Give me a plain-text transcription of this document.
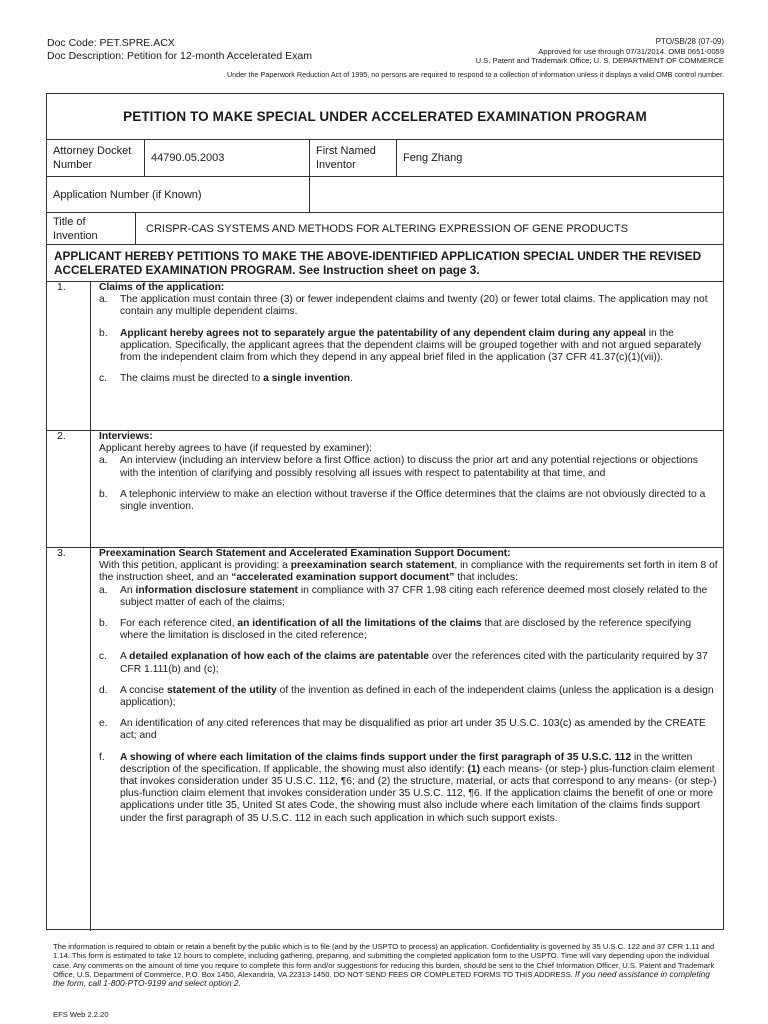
Doc Code: PET.SPRE.ACX
Doc Description: Petition for 12-month Accelerated Exam
PTO/SB/28 (07-09)
Approved for use through 07/31/2014. OMB 0651-0059
U.S. Patent and Trademark Office; U. S. DEPARTMENT OF COMMERCE
Under the Paperwork Reduction Act of 1995, no persons are required to respond to a collection of information unless it displays a valid OMB control number.
PETITION TO MAKE SPECIAL UNDER ACCELERATED EXAMINATION PROGRAM
Attorney Docket Number
44790.05.2003
First Named Inventor
Feng Zhang
Application Number (if Known)
Title of Invention
CRISPR-CAS SYSTEMS AND METHODS FOR ALTERING EXPRESSION OF GENE PRODUCTS
APPLICANT HEREBY PETITIONS TO MAKE THE ABOVE-IDENTIFIED APPLICATION SPECIAL UNDER THE REVISED ACCELERATED EXAMINATION PROGRAM. See Instruction sheet on page 3.
1.	Claims of the application:
a.	The application must contain three (3) or fewer independent claims and twenty (20) or fewer total claims. The application may not contain any multiple dependent claims.
b.	Applicant hereby agrees not to separately argue the patentability of any dependent claim during any appeal in the application. Specifically, the applicant agrees that the dependent claims will be grouped together with and not argued separately from the independent claim from which they depend in any appeal brief filed in the application (37 CFR 41.37(c)(1)(vii)).
c.	The claims must be directed to a single invention.
2.	Interviews:
Applicant hereby agrees to have (if requested by examiner):
a.	An interview (including an interview before a first Office action) to discuss the prior art and any potential rejections or objections with the intention of clarifying and possibly resolving all issues with respect to patentability at that time, and
b.	A telephonic interview to make an election without traverse if the Office determines that the claims are not obviously directed to a single invention.
3.	Preexamination Search Statement and Accelerated Examination Support Document:
With this petition, applicant is providing: a preexamination search statement, in compliance with the requirements set forth in item 8 of the instruction sheet, and an “accelerated examination support document” that includes:
a.	An information disclosure statement in compliance with 37 CFR 1.98 citing each reference deemed most closely related to the subject matter of each of the claims;
b.	For each reference cited, an identification of all the limitations of the claims that are disclosed by the reference specifying where the limitation is disclosed in the cited reference;
c.	A detailed explanation of how each of the claims are patentable over the references cited with the particularity required by 37 CFR 1.111(b) and (c);
d.	A concise statement of the utility of the invention as defined in each of the independent claims (unless the application is a design application);
e.	An identification of any cited references that may be disqualified as prior art under 35 U.S.C. 103(c) as amended by the CREATE act; and
f.	A showing of where each limitation of the claims finds support under the first paragraph of 35 U.S.C. 112 in the written description of the specification. If applicable, the showing must also identify: (1) each means- (or step-) plus-function claim element that invokes consideration under 35 U.S.C. 112, ¶6; and (2) the structure, material, or acts that correspond to any means- (or step-) plus-function claim element that invokes consideration under 35 U.S.C. 112, ¶6. If the application claims the benefit of one or more applications under title 35, United St ates Code, the showing must also include where each limitation of the claims finds support under the first paragraph of 35 U.S.C. 112 in each such application in which such support exists.
The information is required to obtain or retain a benefit by the public which is to file (and by the USPTO to process) an application. Confidentiality is governed by 35 U.S.C. 122 and 37 CFR 1.11 and 1.14. This form is estimated to take 12 hours to complete, including gathering, preparing, and submitting the completed application form to the USPTO. Time will vary depending upon the individual case. Any comments on the amount of time you require to complete this form and/or suggestions for reducing this burden, should be sent to the Chief Information Officer, U.S. Patent and Trademark Office, U.S. Department of Commerce, P.O. Box 1450, Alexandria, VA 22313-1450. DO NOT SEND FEES OR COMPLETED FORMS TO THIS ADDRESS. If you need assistance in completing the form, call 1-800-PTO-9199 and select option 2.
EFS Web 2.2.20
